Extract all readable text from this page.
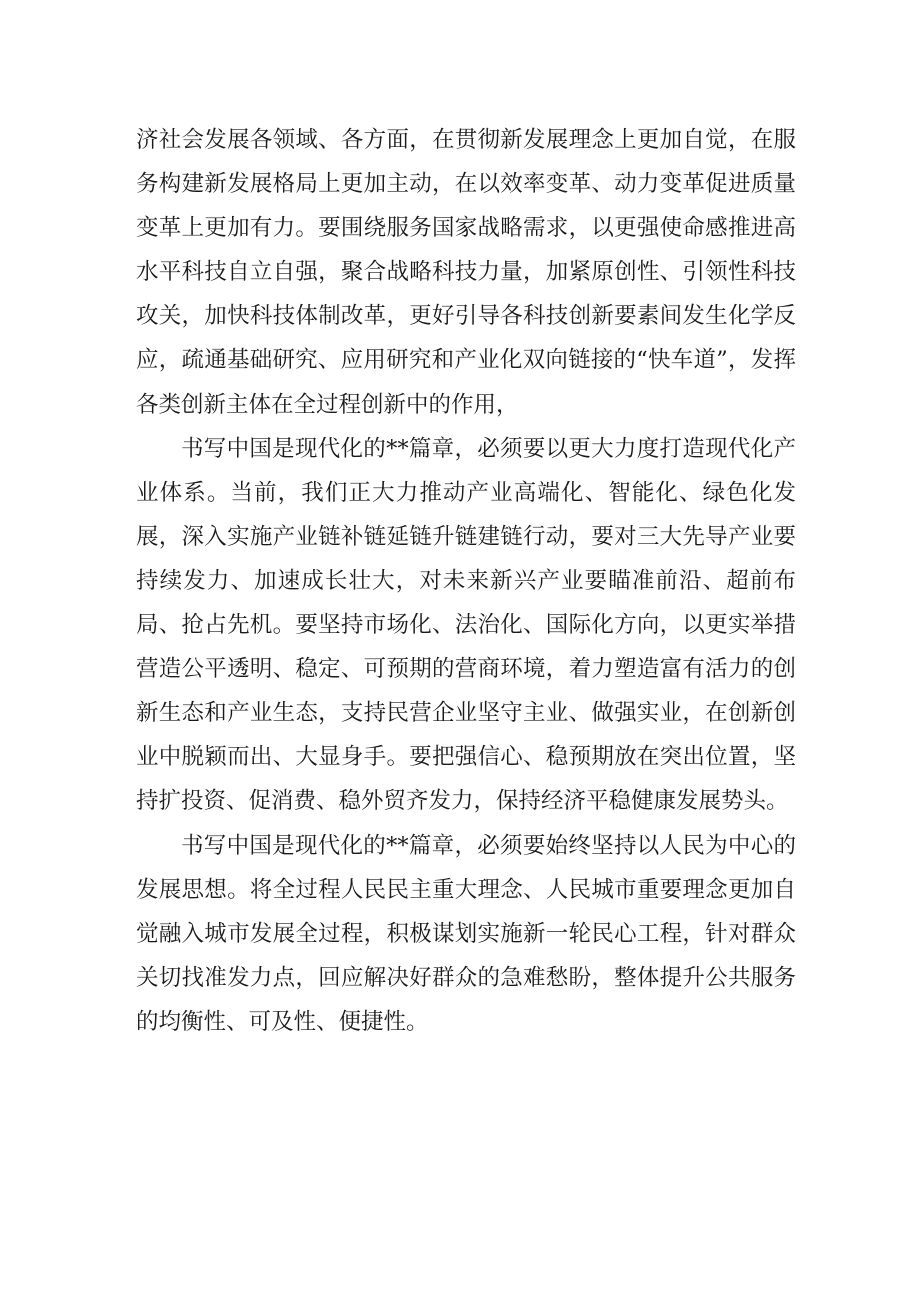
济社会发展各领域、各方面，在贯彻新发展理念上更加自觉，在服务构建新发展格局上更加主动，在以效率变革、动力变革促进质量变革上更加有力。要围绕服务国家战略需求，以更强使命感推进高水平科技自立自强，聚合战略科技力量，加紧原创性、引领性科技攻关，加快科技体制改革，更好引导各科技创新要素间发生化学反应，疏通基础研究、应用研究和产业化双向链接的“快车道”，发挥各类创新主体在全过程创新中的作用，

书写中国是现代化的**篇章，必须要以更大力度打造现代化产业体系。当前，我们正大力推动产业高端化、智能化、绿色化发展，深入实施产业链补链延链升链建链行动，要对三大先导产业要持续发力、加速成长壮大，对未来新兴产业要瞄准前沿、超前布局、抢占先机。要坚持市场化、法治化、国际化方向，以更实举措营造公平透明、稳定、可预期的营商环境，着力塑造富有活力的创新生态和产业生态，支持民营企业坚守主业、做强实业，在创新创业中脱颖而出、大显身手。要把强信心、稳预期放在突出位置，坚持扩投资、促消费、稳外贸齐发力，保持经济平稳健康发展势头。

书写中国是现代化的**篇章，必须要始终坚持以人民为中心的发展思想。将全过程人民民主重大理念、人民城市重要理念更加自觉融入城市发展全过程，积极谋划实施新一轮民心工程，针对群众关切找准发力点，回应解决好群众的急难愁盼，整体提升公共服务的均衡性、可及性、便捷性。
